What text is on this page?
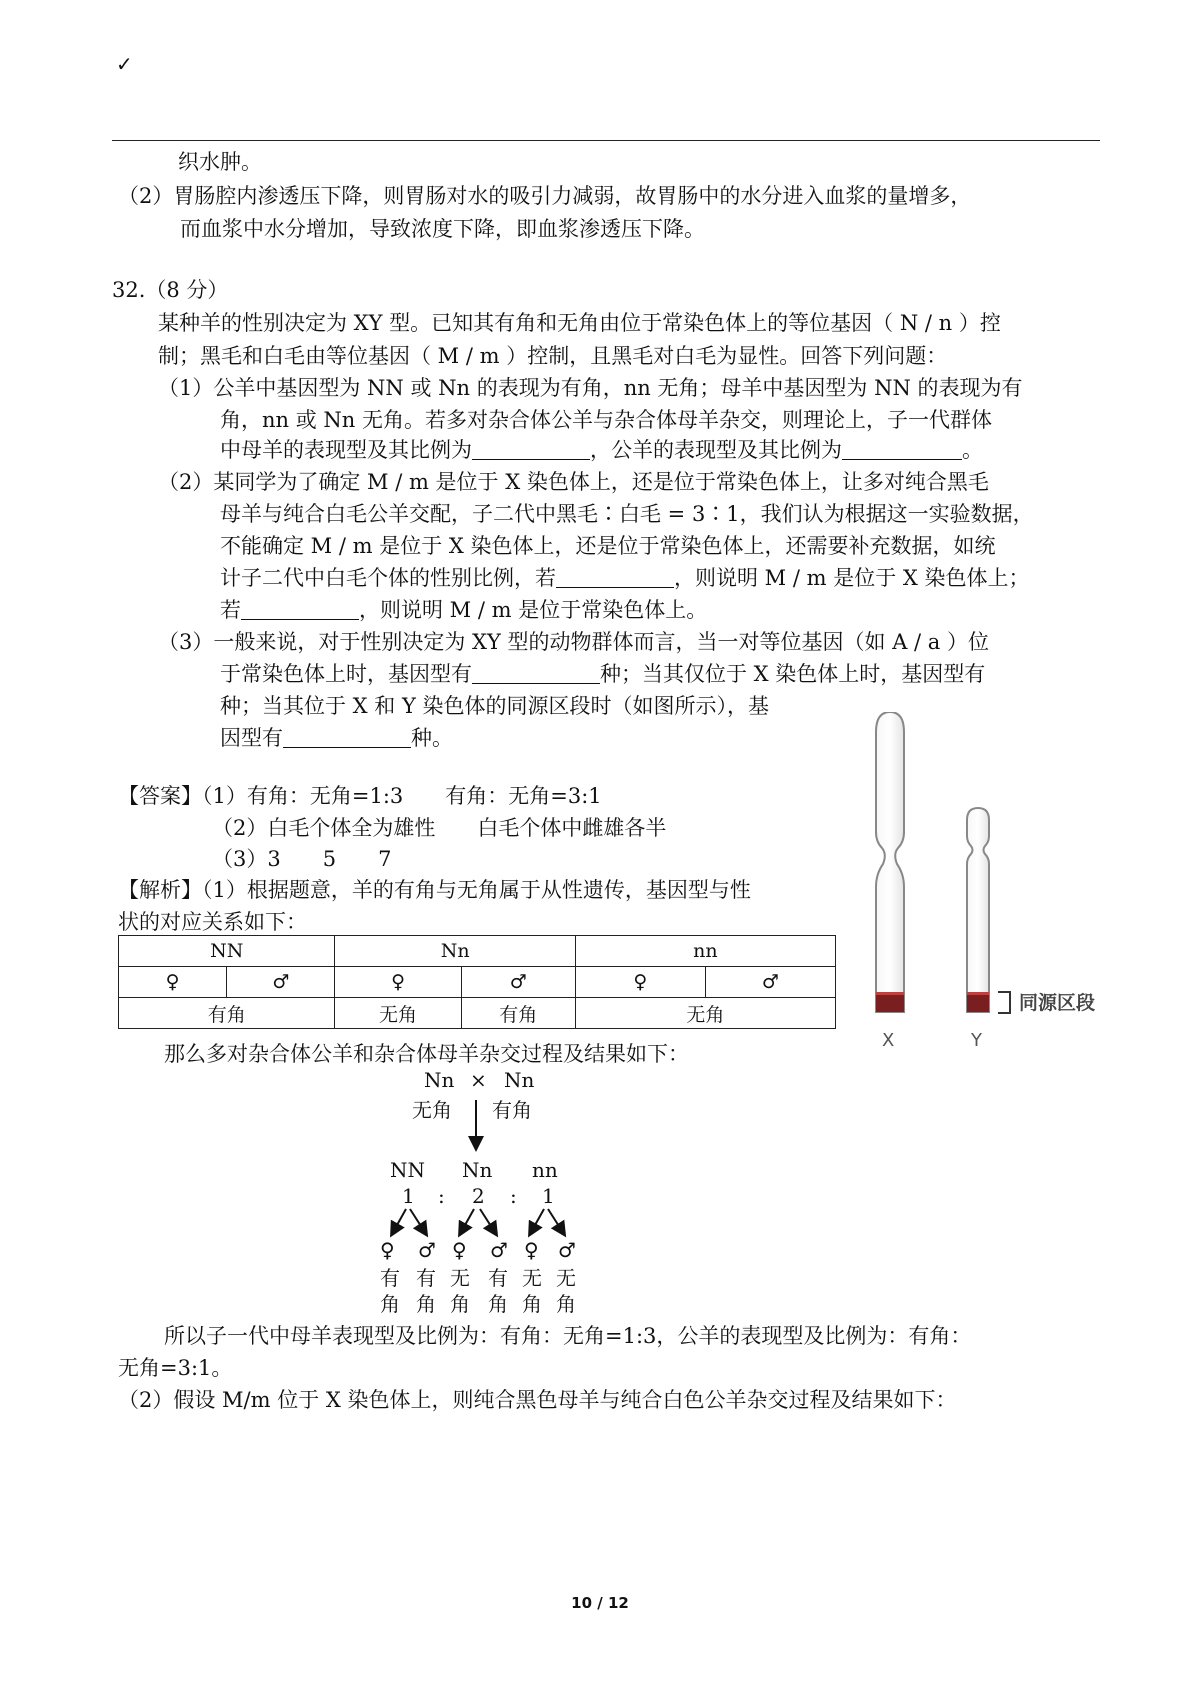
✓
织水肿。
（2）胃肠腔内渗透压下降，则胃肠对水的吸引力减弱，故胃肠中的水分进入血浆的量增多，
而血浆中水分增加，导致浓度下降，即血浆渗透压下降。
32.（8 分）
某种羊的性别决定为 XY 型。已知其有角和无角由位于常染色体上的等位基因（ N / n ）控
制；黑毛和白毛由等位基因（ M / m ）控制，且黑毛对白毛为显性。回答下列问题：
（1）公羊中基因型为 NN 或 Nn 的表现为有角，nn 无角；母羊中基因型为 NN 的表现为有
角，nn 或 Nn 无角。若多对杂合体公羊与杂合体母羊杂交，则理论上，子一代群体
中母羊的表现型及其比例为	，公羊的表现型及其比例为	。
（2）某同学为了确定 M / m 是位于 X 染色体上，还是位于常染色体上，让多对纯合黑毛
母羊与纯合白毛公羊交配，子二代中黑毛∶白毛 = 3∶1，我们认为根据这一实验数据，
不能确定 M / m 是位于 X 染色体上，还是位于常染色体上，还需要补充数据，如统
计子二代中白毛个体的性别比例，若	，则说明 M / m 是位于 X 染色体上；
若	，则说明 M / m 是位于常染色体上。
（3）一般来说，对于性别决定为 XY 型的动物群体而言，当一对等位基因（如 A / a ）位
于常染色体上时，基因型有	种；当其仅位于 X 染色体上时，基因型有
种；当其位于 X 和 Y 染色体的同源区段时（如图所示），基
因型有	种。
X	Y
同源区段
【答案】（1）有角：无角=1:3　　有角：无角=3:1
（2）白毛个体全为雄性　　白毛个体中雌雄各半
（3）3　　5　　7
【解析】（1）根据题意，羊的有角与无角属于从性遗传，基因型与性
状的对应关系如下：
NN		Nn		nn	
♀	♂	♀	♂	♀	♂
有角		无角	有角	无角	
那么多对杂合体公羊和杂合体母羊杂交过程及结果如下：
Nn × Nn
无角 有角
NN Nn nn
1 : 2 : 1
♀ ♂ ♀ ♂ ♀ ♂
有 有 无 有 无 无
角 角 角 角 角 角
所以子一代中母羊表现型及比例为：有角：无角=1:3，公羊的表现型及比例为：有角：
无角=3:1。
（2）假设 M/m 位于 X 染色体上，则纯合黑色母羊与纯合白色公羊杂交过程及结果如下：
10 / 12
